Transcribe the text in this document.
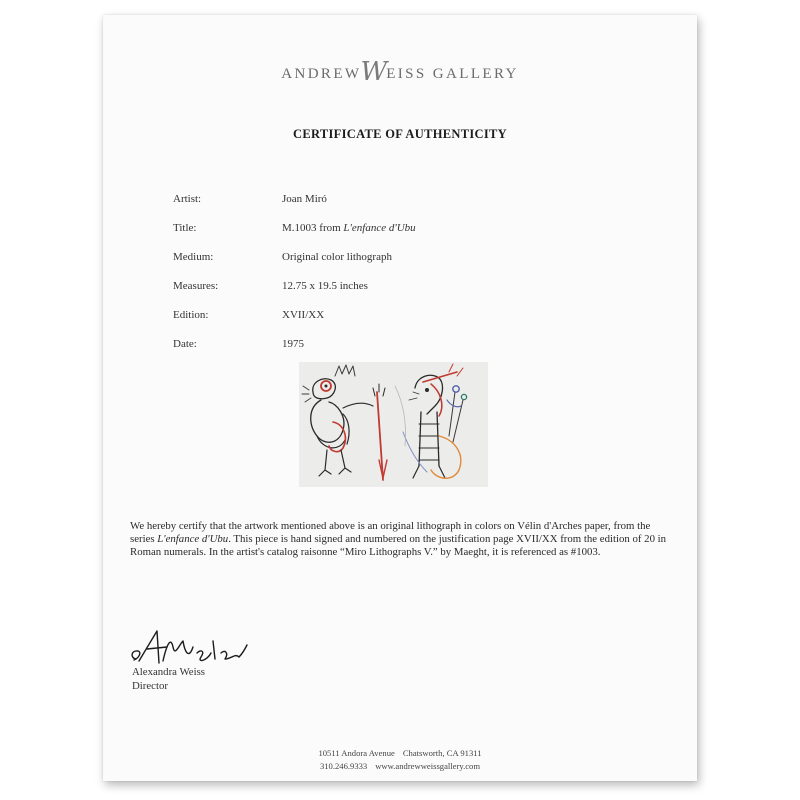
ANDREWWEISS GALLERY
CERTIFICATE OF AUTHENTICITY
Artist:	Joan Miró
Title:	M.1003 from L'enfance d'Ubu
Medium:	Original color lithograph
Measures:	12.75 x 19.5 inches
Edition:	XVII/XX
Date:	1975
We hereby certify that the artwork mentioned above is an original lithograph in colors on Vélin d'Arches paper, from the series L'enfance d'Ubu. This piece is hand signed and numbered on the justification page XVII/XX from the edition of 20 in Roman numerals. In the artist's catalog raisonne “Miro Lithographs V.” by Maeght, it is referenced as #1003.
Alexandra Weiss
Director
10511 Andora Avenue Chatsworth, CA 91311
310.246.9333 www.andrewweissgallery.com
